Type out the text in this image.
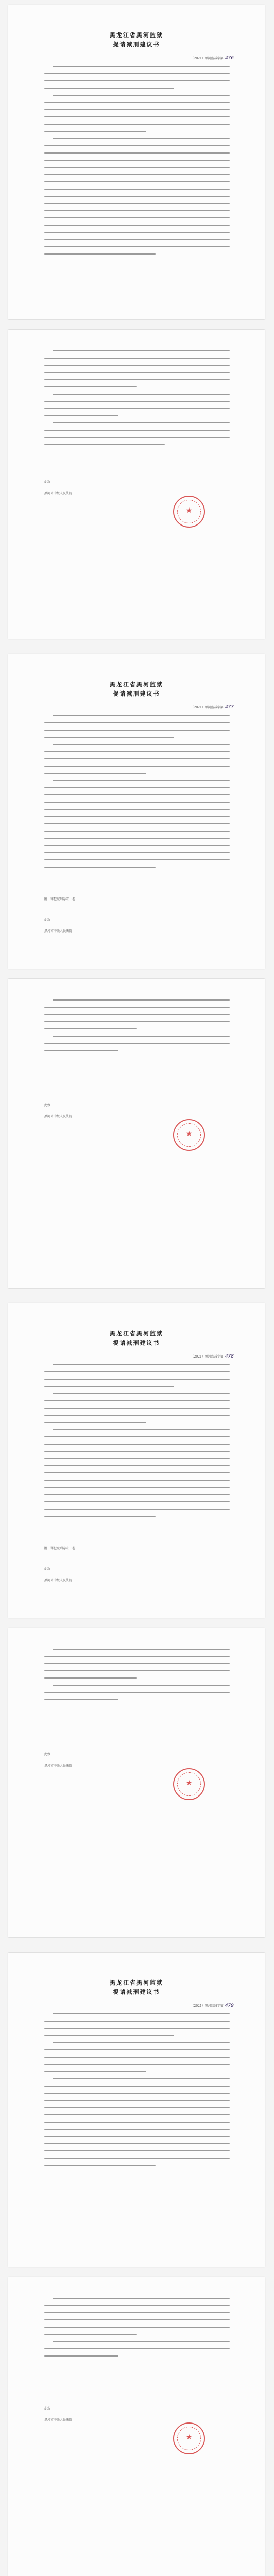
黑龙江省黑河监狱
提请减刑建议书
（2021）黑河监减字第 476
此致
黑河市中级人民法院
★
黑龙江省黑河监狱
提请减刑建议书
（2021）黑河监减字第 477
附：罪犯减刑卷宗一卷
此致
黑河市中级人民法院
此致
黑河市中级人民法院
★
黑龙江省黑河监狱
提请减刑建议书
（2021）黑河监减字第 478
附：罪犯减刑卷宗一卷
此致
黑河市中级人民法院
此致
黑河市中级人民法院
★
黑龙江省黑河监狱
提请减刑建议书
（2021）黑河监减字第 479
此致
黑河市中级人民法院
★
